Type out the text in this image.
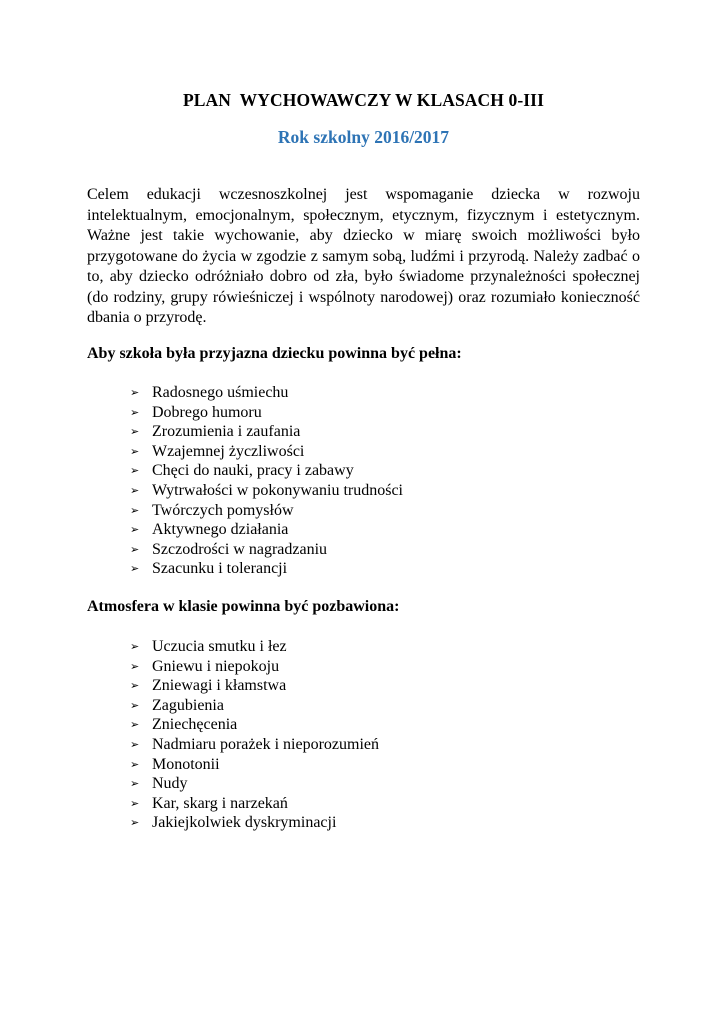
PLAN  WYCHOWAWCZY W KLASACH 0-III
Rok szkolny 2016/2017

Celem edukacji wczesnoszkolnej jest wspomaganie dziecka w rozwoju intelektualnym, emocjonalnym, społecznym, etycznym, fizycznym i estetycznym. Ważne jest takie wychowanie, aby dziecko w miarę swoich możliwości było przygotowane do życia w zgodzie z samym sobą, ludźmi i przyrodą. Należy zadbać o to, aby dziecko odróżniało dobro od zła, było świadome przynależności społecznej (do rodziny, grupy rówieśniczej i wspólnoty narodowej) oraz rozumiało konieczność dbania o przyrodę.

Aby szkoła była przyjazna dziecku powinna być pełna:

➢ Radosnego uśmiechu
➢ Dobrego humoru
➢ Zrozumienia i zaufania
➢ Wzajemnej życzliwości
➢ Chęci do nauki, pracy i zabawy
➢ Wytrwałości w pokonywaniu trudności
➢ Twórczych pomysłów
➢ Aktywnego działania
➢ Szczodrości w nagradzaniu
➢ Szacunku i tolerancji

Atmosfera w klasie powinna być pozbawiona:

➢ Uczucia smutku i łez
➢ Gniewu i niepokoju
➢ Zniewagi i kłamstwa
➢ Zagubienia
➢ Zniechęcenia
➢ Nadmiaru porażek i nieporozumień
➢ Monotonii
➢ Nudy
➢ Kar, skarg i narzekań
➢ Jakiejkolwiek dyskryminacji
